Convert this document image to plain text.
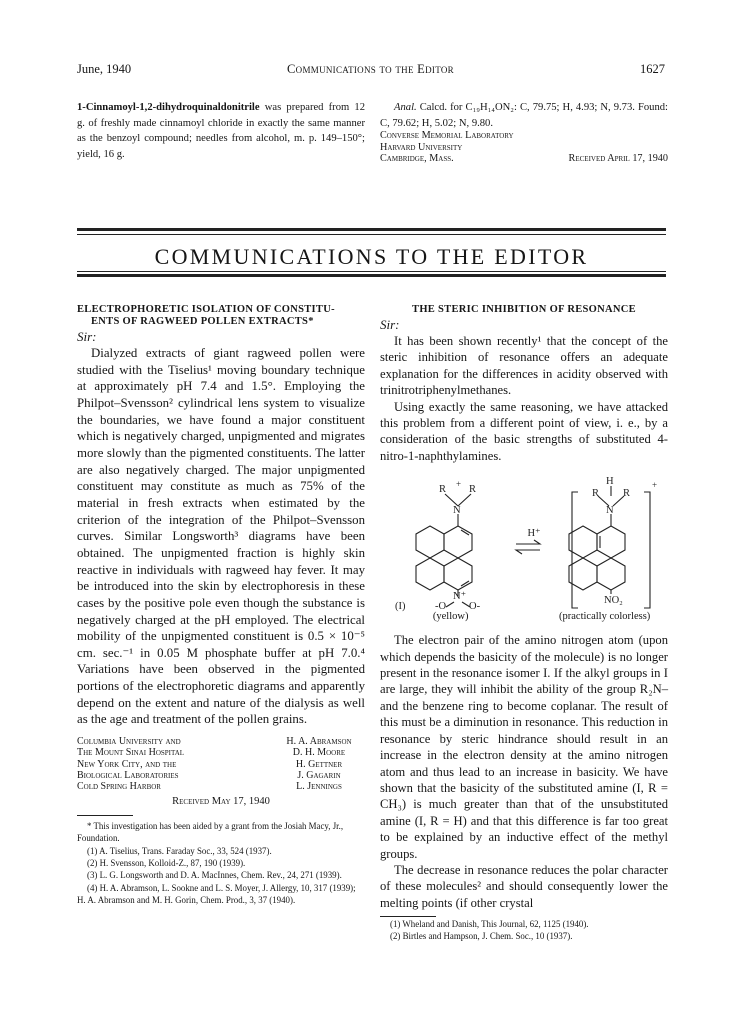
June, 1940	Communications to the Editor	1627

1-Cinnamoyl-1,2-dihydroquinaldonitrile was prepared from 12 g. of freshly made cinnamoyl chloride in exactly the same manner as the benzoyl compound; needles from alcohol, m. p. 149–150°; yield, 16 g.

Anal. Calcd. for C₁₉H₁₄ON₂: C, 79.75; H, 4.93; N, 9.73. Found: C, 79.62; H, 5.02; N, 9.80.

Converse Memorial Laboratory
Harvard University
Cambridge, Mass.	Received April 17, 1940
COMMUNICATIONS TO THE EDITOR
ELECTROPHORETIC ISOLATION OF CONSTITU-
ENTS OF RAGWEED POLLEN EXTRACTS*
Sir:

Dialyzed extracts of giant ragweed pollen were studied with the Tiselius¹ moving boundary technique at approximately pH 7.4 and 1.5°. Employing the Philpot–Svensson² cylindrical lens system to visualize the boundaries, we have found a major constituent which is negatively charged, unpigmented and migrates more slowly than the pigmented constituents. The latter are also negatively charged. The major unpigmented constituent may constitute as much as 75% of the material in fresh extracts when estimated by the criterion of the integration of the Philpot–Svensson curves. Similar Longsworth³ diagrams have been obtained. The unpigmented fraction is highly skin reactive in individuals with ragweed hay fever. It may be introduced into the skin by electrophoresis in these cases by the positive pole even though the substance is negatively charged at the pH employed. The electrical mobility of the unpigmented constituent is 0.5 × 10⁻⁵ cm. sec.⁻¹ in 0.05 M phosphate buffer at pH 7.0.⁴ Variations have been observed in the pigmented portions of the electrophoretic diagrams and apparently depend on the extent and nature of the dialysis as well as the age and treatment of the pollen grains.

Columbia University and	H. A. Abramson
The Mount Sinai Hospital	D. H. Moore
New York City, and the	H. Gettner
Biological Laboratories	J. Gagarin
Cold Spring Harbor	L. Jennings
Received May 17, 1940

* This investigation has been aided by a grant from the Josiah Macy, Jr., Foundation.

(1) A. Tiselius, Trans. Faraday Soc., 33, 524 (1937).

(2) H. Svensson, Kolloid-Z., 87, 190 (1939).

(3) L. G. Longsworth and D. A. MacInnes, Chem. Rev., 24, 271 (1939).

(4) H. A. Abramson, L. Sookne and L. S. Moyer, J. Allergy, 10, 317 (1939); H. A. Abramson and M. H. Gorin, Chem. Prod., 3, 37 (1940).

THE STERIC INHIBITION OF RESONANCE
Sir:

It has been shown recently¹ that the concept of the steric inhibition of resonance offers an adequate explanation for the differences in acidity observed with trinitrotriphenylmethanes.

Using exactly the same reasoning, we have attacked this problem from a different point of view, i. e., by a consideration of the basic strengths of substituted 4-nitro-1-naphthylamines.

R R
+
N
H⁺
H
R R
N
+
NO₂
N⁺
-O O-
(I)
(yellow)	(practically colorless)

The electron pair of the amino nitrogen atom (upon which depends the basicity of the molecule) is no longer present in the resonance isomer I. If the alkyl groups in I are large, they will inhibit the ability of the group R₂N– and the benzene ring to become coplanar. The result of this must be a diminution in resonance. This reduction in resonance by steric hindrance should result in an increase in the electron density at the amino nitrogen atom and thus lead to an increase in basicity. We have shown that the basicity of the substituted amine (I, R = CH₃) is much greater than that of the unsubstituted amine (I, R = H) and that this difference is far too great to be explained by an inductive effect of the methyl groups.

The decrease in resonance reduces the polar character of these molecules² and should consequently lower the melting points (if other crystal

(1) Wheland and Danish, This Journal, 62, 1125 (1940).

(2) Birtles and Hampson, J. Chem. Soc., 10 (1937).
